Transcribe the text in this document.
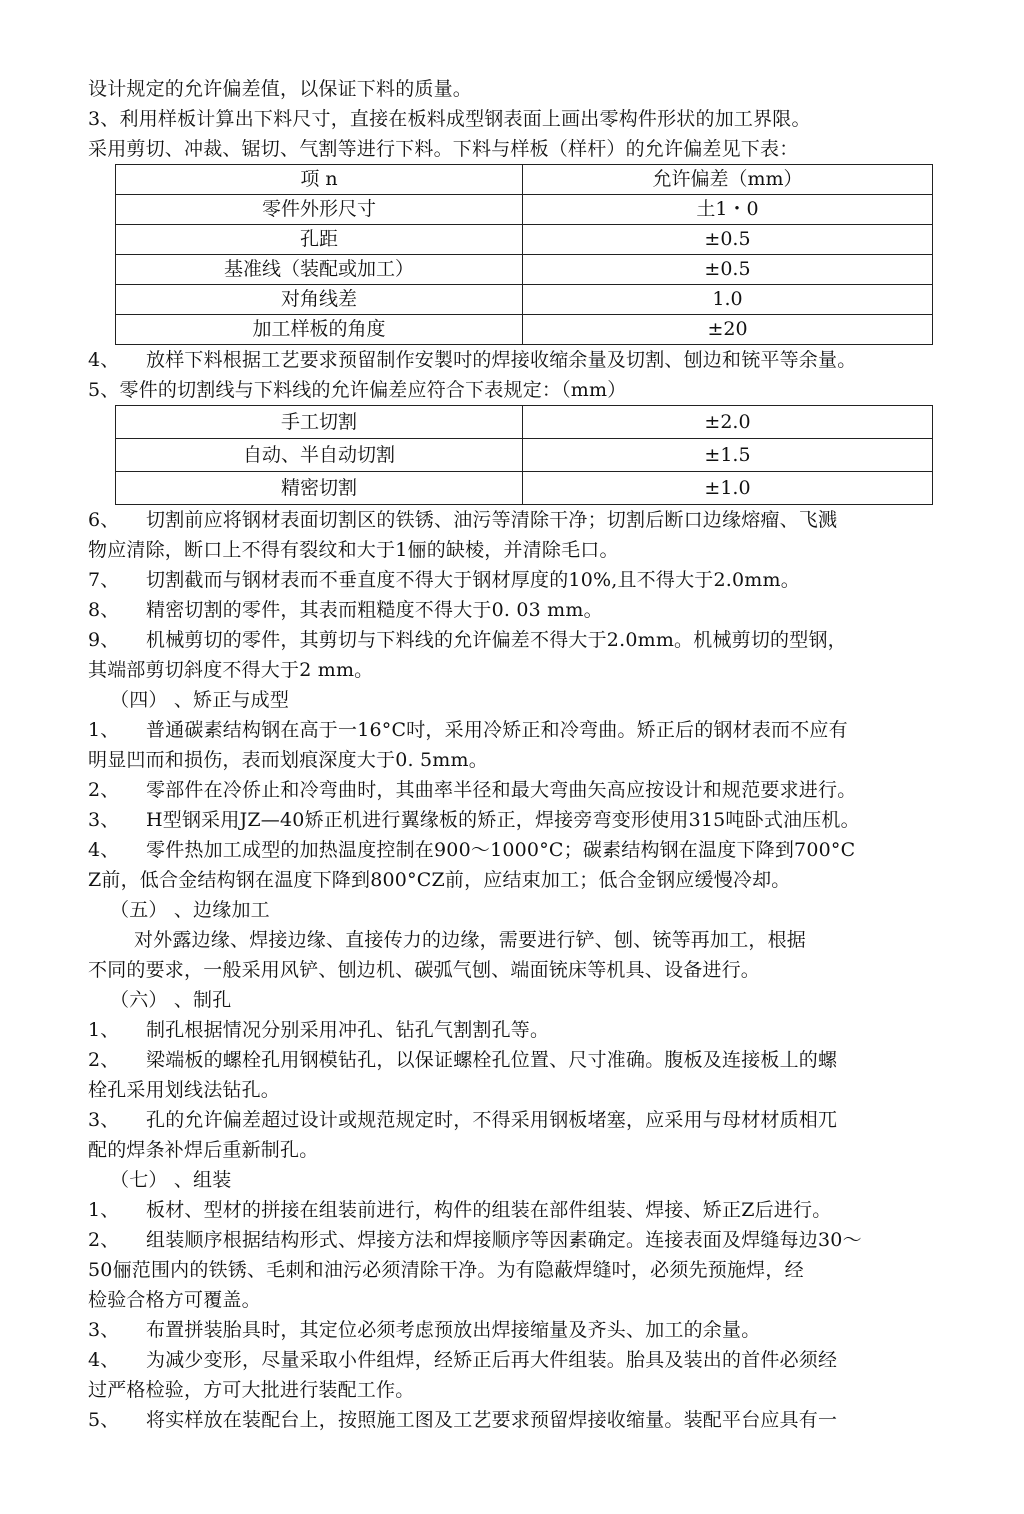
设计规定的允许偏差值，以保证下料的质量。
3、利用样板计算出下料尺寸，直接在板料成型钢表面上画出零构件形状的加工界限。
采用剪切、冲裁、锯切、气割等进行下料。下料与样板（样杆）的允许偏差见下表：
项 n	允许偏差（mm）
零件外形尺寸	土1・0
孔距	±0.5
基准线（装配或加工）	±0.5
对角线差	1.0
加工样板的角度	±20
4、 放样下料根据工艺要求预留制作安製吋的焊接收缩余量及切割、刨边和铳平等余量。
5、零件的切割线与下料线的允许偏差应符合下表规定：（mm）
手工切割	±2.0
自动、半自动切割	±1.5
精密切割	±1.0
6、 切割前应将钢材表面切割区的铁锈、油污等清除干净；切割后断口边缘熔瘤、飞溅
物应清除，断口上不得有裂纹和大于1俪的缺棱，并清除毛口。
7、 切割截而与钢材表而不垂直度不得大于钢材厚度的10%,且不得大于2.0mm。
8、 精密切割的零件，其表而粗糙度不得大于0. 03 mm。
9、 机械剪切的零件，其剪切与下料线的允许偏差不得大于2.0mm。机械剪切的型钢，
其端部剪切斜度不得大于2 mm。
（四） 、矫正与成型
1、 普通碳素结构钢在高于一16°C吋，采用冷矫正和冷弯曲。矫正后的钢材表而不应有
明显凹而和损伤，表而划痕深度大于0. 5mm。
2、 零部件在冷侨止和冷弯曲时，其曲率半径和最大弯曲矢高应按设计和规范要求进行。
3、 H型钢采用JZ—40矫正机进行翼缘板的矫正，焊接旁弯变形使用315吨卧式油压机。
4、 零件热加工成型的加热温度控制在900～1000°C；碳素结构钢在温度下降到700°C
Z前，低合金结构钢在温度下降到800°CZ前，应结束加工；低合金钢应缓慢冷却。
（五） 、边缘加工
对外露边缘、焊接边缘、直接传力的边缘，需要进行铲、刨、铳等再加工，根据
不同的要求，一般采用风铲、刨边机、碳弧气刨、端面铳床等机具、设备进行。
（六） 、制孔
1、 制孔根据情况分别采用冲孔、钻孔气割割孔等。
2、 梁端板的螺栓孔用钢模钻孔，以保证螺栓孔位置、尺寸准确。腹板及连接板丄的螺
栓孔采用划线法钻孔。
3、 孔的允许偏差超过设计或规范规定时，不得采用钢板堵塞，应采用与母材材质相兀
配的焊条补焊后重新制孔。
（七） 、组装
1、 板材、型材的拼接在组装前进行，构件的组装在部件组装、焊接、矫正Z后进行。
2、 组装顺序根据结构形式、焊接方法和焊接顺序等因素确定。连接表面及焊缝每边30～
50俪范围内的铁锈、毛刺和油污必须清除干净。为有隐蔽焊缝吋，必须先预施焊，经
检验合格方可覆盖。
3、 布置拼装胎具时，其定位必须考虑预放出焊接缩量及齐头、加工的余量。
4、 为减少变形，尽量采取小件组焊，经矫正后再大件组装。胎具及装出的首件必须经
过严格检验，方可大批进行装配工作。
5、 将实样放在装配台上，按照施工图及工艺要求预留焊接收缩量。装配平台应具有一
